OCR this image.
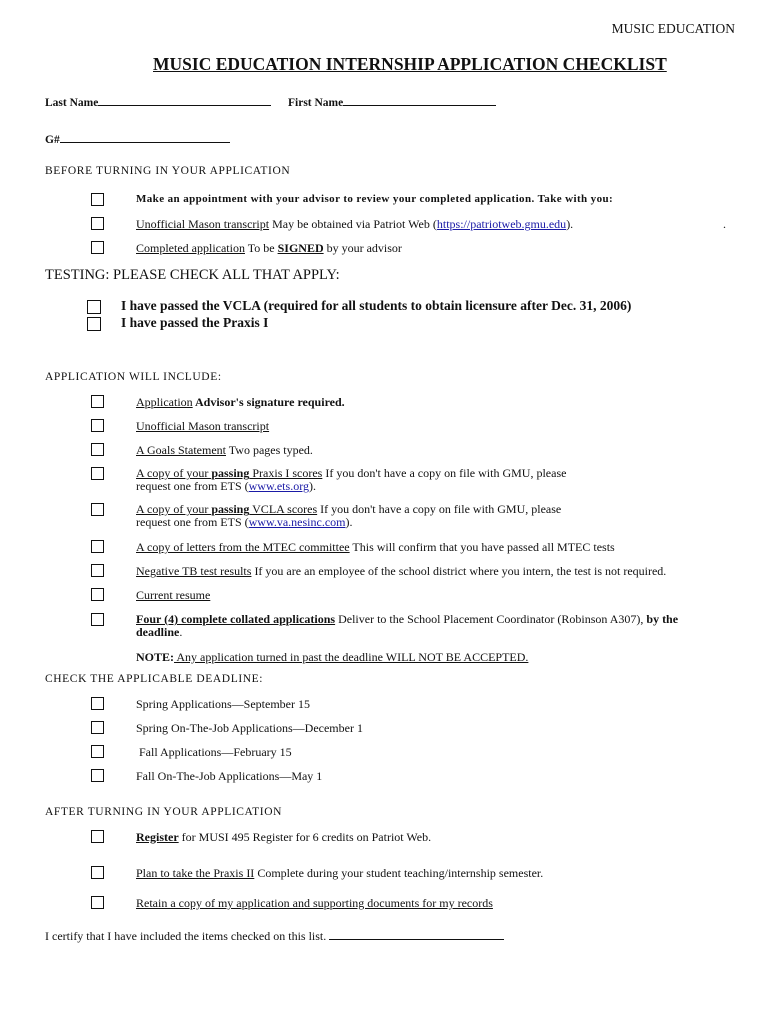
MUSIC EDUCATION
MUSIC EDUCATION INTERNSHIP APPLICATION CHECKLIST
Last Name	First Name
G#
BEFORE TURNING IN YOUR APPLICATION
Make an appointment with your advisor to review your completed application. Take with you:
Unofficial Mason transcript May be obtained via Patriot Web (https://patriotweb.gmu.edu).	.
Completed application To be SIGNED by your advisor
TESTING: PLEASE CHECK ALL THAT APPLY:
I have passed the VCLA (required for all students to obtain licensure after Dec. 31, 2006)
I have passed the Praxis I
APPLICATION WILL INCLUDE:
Application Advisor's signature required.
Unofficial Mason transcript
A Goals Statement Two pages typed.
A copy of your passing Praxis I scores If you don't have a copy on file with GMU, please
request one from ETS (www.ets.org).
A copy of your passing VCLA scores If you don't have a copy on file with GMU, please
request one from ETS (www.va.nesinc.com).
A copy of letters from the MTEC committee This will confirm that you have passed all MTEC tests
Negative TB test results If you are an employee of the school district where you intern, the test is not required.
Current resume
Four (4) complete collated applications Deliver to the School Placement Coordinator (Robinson A307), by the
deadline.
NOTE: Any application turned in past the deadline WILL NOT BE ACCEPTED.
CHECK THE APPLICABLE DEADLINE:
Spring Applications—September 15
Spring On-The-Job Applications—December 1
Fall Applications—February 15
Fall On-The-Job Applications—May 1
AFTER TURNING IN YOUR APPLICATION
Register for MUSI 495 Register for 6 credits on Patriot Web.
Plan to take the Praxis II Complete during your student teaching/internship semester.
Retain a copy of my application and supporting documents for my records
I certify that I have included the items checked on this list.
